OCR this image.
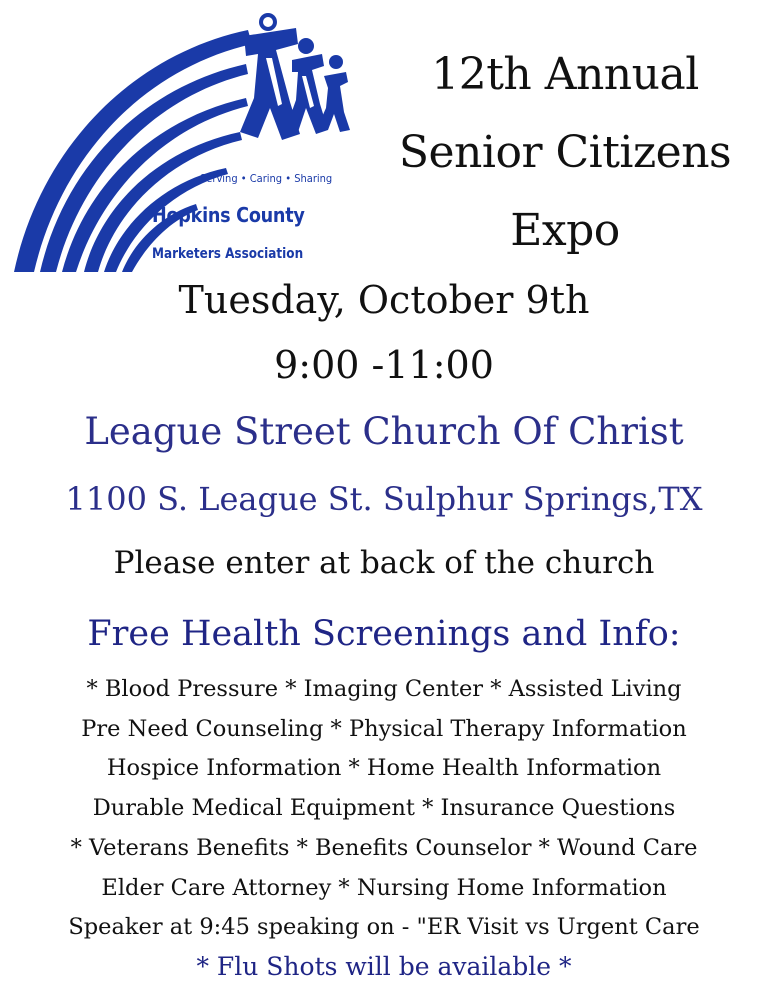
Serving • Caring • Sharing
Hopkins County
Marketers Association
12th Annual
Senior Citizens
Expo
Tuesday, October 9th
9:00 -11:00
League Street Church Of Christ
1100 S. League St. Sulphur Springs,TX
Please enter at back of the church
Free Health Screenings and Info:
* Blood Pressure * Imaging Center * Assisted Living
Pre Need Counseling * Physical Therapy Information
Hospice Information * Home Health Information
Durable Medical Equipment * Insurance Questions
* Veterans Benefits * Benefits Counselor * Wound Care
Elder Care Attorney * Nursing Home Information
Speaker at 9:45 speaking on - "ER Visit vs Urgent Care
* Flu Shots will be available *
